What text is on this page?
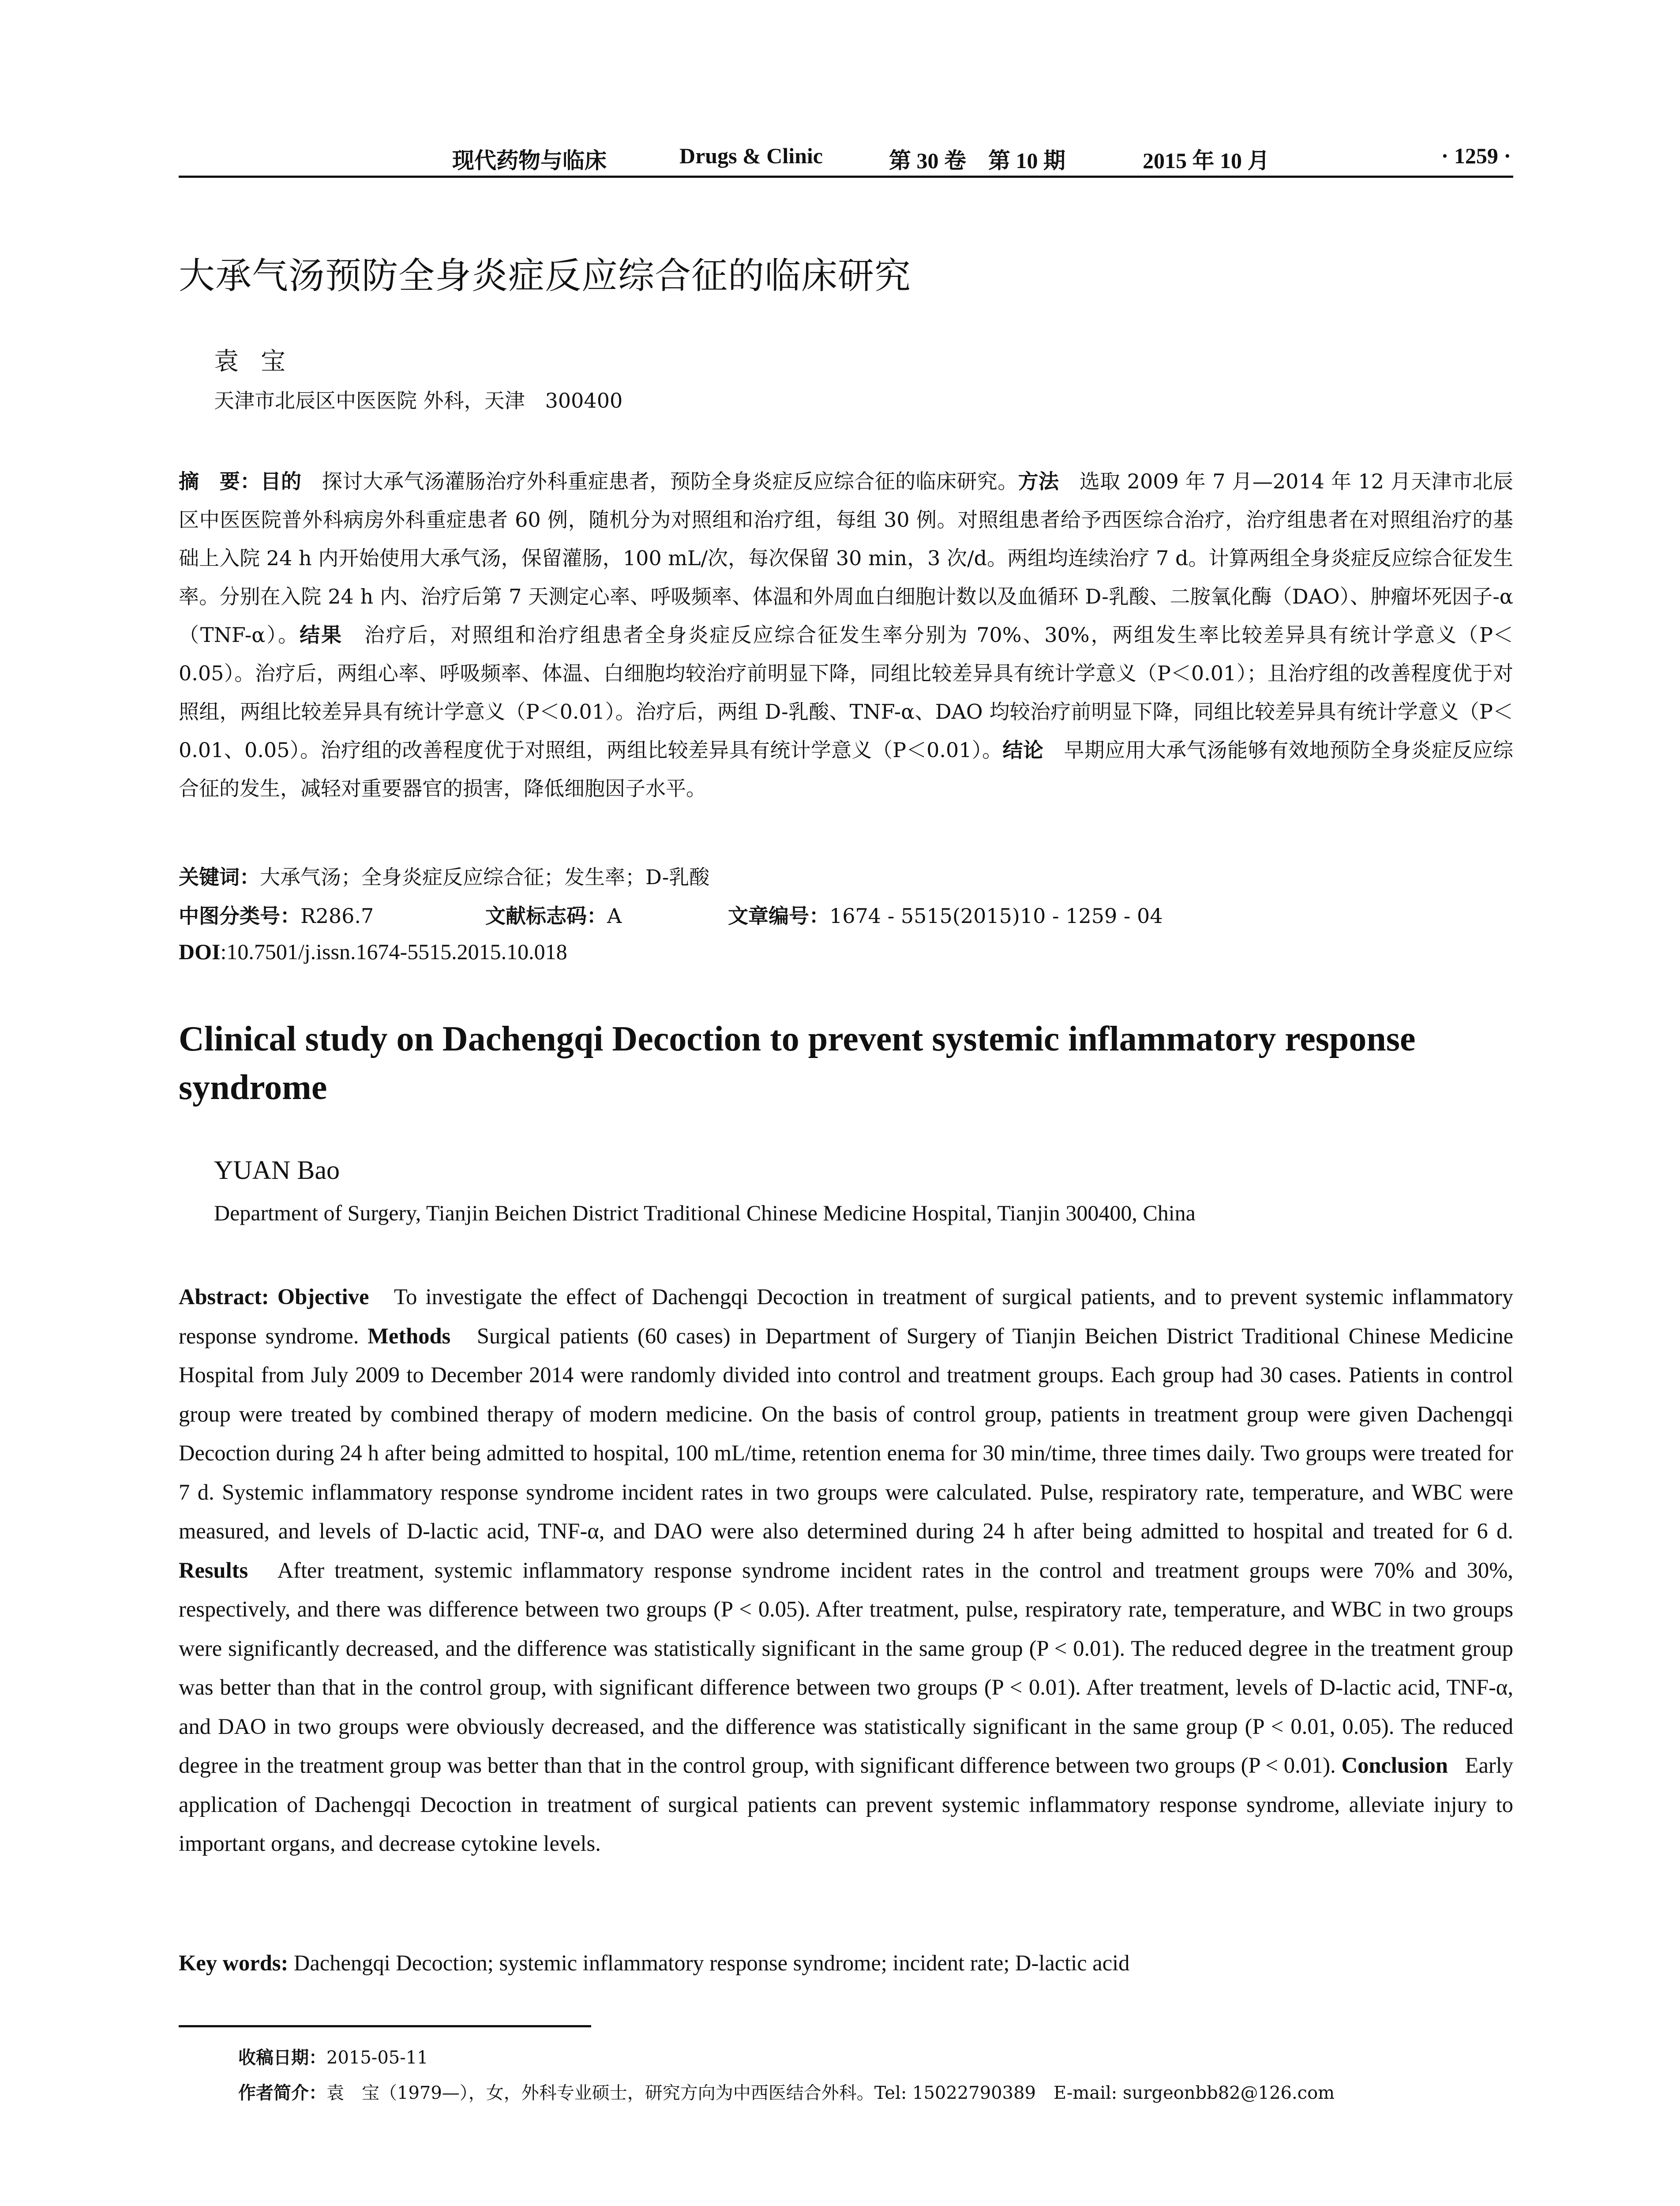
现代药物与临床	Drugs & Clinic	第 30 卷　第 10 期	2015 年 10 月	· 1259 ·
大承气汤预防全身炎症反应综合征的临床研究
袁宝
天津市北辰区中医医院 外科，天津　300400
摘　要：目的　 探讨大承气汤灌肠治疗外科重症患者，预防全身炎症反应综合征的临床研究。方法　 选取 2009 年 7 月—2014 年 12 月天津市北辰区中医医院普外科病房外科重症患者 60 例，随机分为对照组和治疗组，每组 30 例。对照组患者给予西医综合治疗，治疗组患者在对照组治疗的基础上入院 24 h 内开始使用大承气汤，保留灌肠，100 mL/次，每次保留 30 min，3 次/d。两组均连续治疗 7 d。计算两组全身炎症反应综合征发生率。分别在入院 24 h 内、治疗后第 7 天测定心率、呼吸频率、体温和外周血白细胞计数以及血循环 D-乳酸、二胺氧化酶（DAO）、肿瘤坏死因子-α（TNF-α）。结果　 治疗后，对照组和治疗组患者全身炎症反应综合征发生率分别为 70%、30%，两组发生率比较差异具有统计学意义（P＜0.05）。治疗后，两组心率、呼吸频率、体温、白细胞均较治疗前明显下降，同组比较差异具有统计学意义（P＜0.01）；且治疗组的改善程度优于对照组，两组比较差异具有统计学意义（P＜0.01）。治疗后，两组 D-乳酸、TNF-α、DAO 均较治疗前明显下降，同组比较差异具有统计学意义（P＜0.01、0.05）。治疗组的改善程度优于对照组，两组比较差异具有统计学意义（P＜0.01）。结论　 早期应用大承气汤能够有效地预防全身炎症反应综合征的发生，减轻对重要器官的损害，降低细胞因子水平。
关键词：大承气汤；全身炎症反应综合征；发生率；D-乳酸
中图分类号：R286.7	文献标志码：A	文章编号：1674 - 5515(2015)10 - 1259 - 04
DOI:10.7501/j.issn.1674-5515.2015.10.018
Clinical study on Dachengqi Decoction to prevent systemic inflammatory response syndrome
YUAN Bao
Department of Surgery, Tianjin Beichen District Traditional Chinese Medicine Hospital, Tianjin 300400, China
Abstract: Objective To investigate the effect of Dachengqi Decoction in treatment of surgical patients, and to prevent systemic inflammatory response syndrome. Methods Surgical patients (60 cases) in Department of Surgery of Tianjin Beichen District Traditional Chinese Medicine Hospital from July 2009 to December 2014 were randomly divided into control and treatment groups. Each group had 30 cases. Patients in control group were treated by combined therapy of modern medicine. On the basis of control group, patients in treatment group were given Dachengqi Decoction during 24 h after being admitted to hospital, 100 mL/time, retention enema for 30 min/time, three times daily. Two groups were treated for 7 d. Systemic inflammatory response syndrome incident rates in two groups were calculated. Pulse, respiratory rate, temperature, and WBC were measured, and levels of D-lactic acid, TNF-α, and DAO were also determined during 24 h after being admitted to hospital and treated for 6 d. Results After treatment, systemic inflammatory response syndrome incident rates in the control and treatment groups were 70% and 30%, respectively, and there was difference between two groups (P < 0.05). After treatment, pulse, respiratory rate, temperature, and WBC in two groups were significantly decreased, and the difference was statistically significant in the same group (P < 0.01). The reduced degree in the treatment group was better than that in the control group, with significant difference between two groups (P < 0.01). After treatment, levels of D-lactic acid, TNF-α, and DAO in two groups were obviously decreased, and the difference was statistically significant in the same group (P < 0.01, 0.05). The reduced degree in the treatment group was better than that in the control group, with significant difference between two groups (P < 0.01). Conclusion Early application of Dachengqi Decoction in treatment of surgical patients can prevent systemic inflammatory response syndrome, alleviate injury to important organs, and decrease cytokine levels.
Key words: Dachengqi Decoction; systemic inflammatory response syndrome; incident rate; D-lactic acid
收稿日期：2015-05-11
作者简介：袁　宝（1979—），女，外科专业硕士，研究方向为中西医结合外科。Tel: 15022790389　E-mail: surgeonbb82@126.com
